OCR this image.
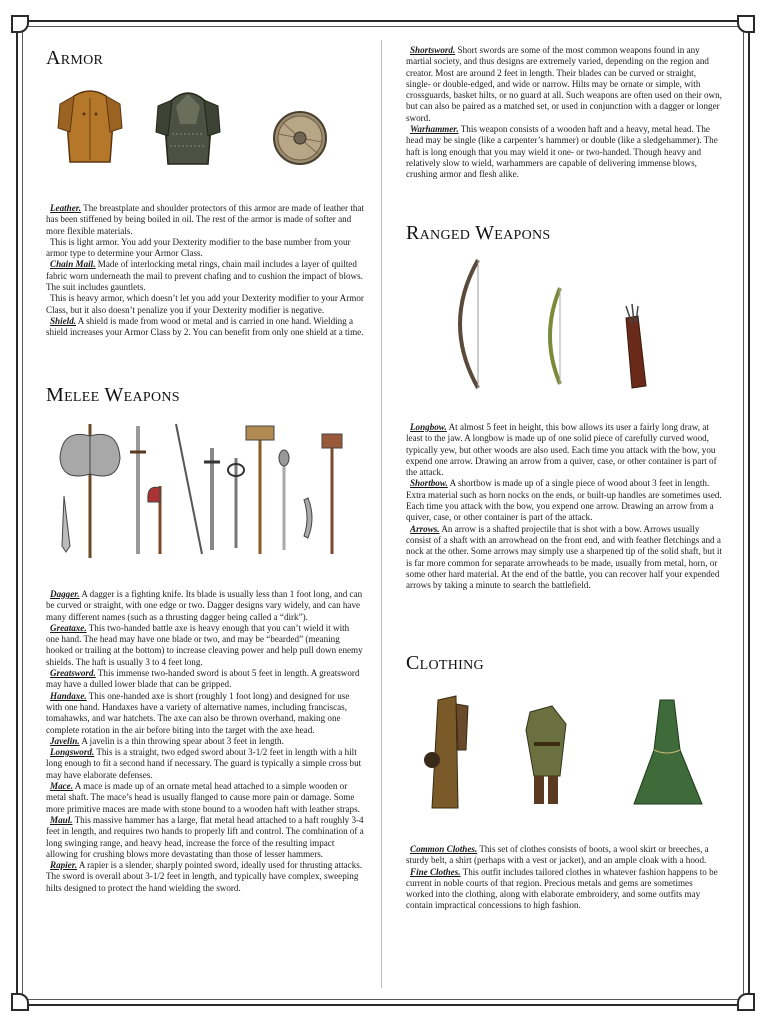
Armor

Leather. The breastplate and shoulder protectors of this armor are made of leather that has been stiffened by being boiled in oil. The rest of the armor is made of softer and more flexible materials.

This is light armor. You add your Dexterity modifier to the base number from your armor type to determine your Armor Class.

Chain Mail. Made of interlocking metal rings, chain mail includes a layer of quilted fabric worn underneath the mail to prevent chafing and to cushion the impact of blows. The suit includes gauntlets.

This is heavy armor, which doesn’t let you add your Dexterity modifier to your Armor Class, but it also doesn’t penalize you if your Dexterity modifier is negative.

Shield. A shield is made from wood or metal and is carried in one hand. Wielding a shield increases your Armor Class by 2. You can benefit from only one shield at a time.

Melee Weapons

Dagger. A dagger is a fighting knife. Its blade is usually less than 1 foot long, and can be curved or straight, with one edge or two. Dagger designs vary widely, and can have many different names (such as a thrusting dagger being called a “dirk”).

Greataxe. This two-handed battle axe is heavy enough that you can’t wield it with one hand. The head may have one blade or two, and may be “bearded” (meaning hooked or trailing at the bottom) to increase cleaving power and help pull down enemy shields. The haft is usually 3 to 4 feet long.

Greatsword. This immense two-handed sword is about 5 feet in length. A greatsword may have a dulled lower blade that can be gripped.

Handaxe. This one-handed axe is short (roughly 1 foot long) and designed for use with one hand. Handaxes have a variety of alternative names, including franciscas, tomahawks, and war hatchets. The axe can also be thrown overhand, making one complete rotation in the air before biting into the target with the axe head.

Javelin. A javelin is a thin throwing spear about 3 feet in length.

Longsword. This is a straight, two edged sword about 3-1/2 feet in length with a hilt long enough to fit a second hand if necessary. The guard is typically a simple cross but may have elaborate defenses.

Mace. A mace is made up of an ornate metal head attached to a simple wooden or metal shaft. The mace’s head is usually flanged to cause more pain or damage. Some more primitive maces are made with stone bound to a wooden haft with leather straps.

Maul. This massive hammer has a large, flat metal head attached to a haft roughly 3-4 feet in length, and requires two hands to properly lift and control. The combination of a long swinging range, and heavy head, increase the force of the resulting impact allowing for crushing blows more devastating than those of lesser hammers.

Rapier. A rapier is a slender, sharply pointed sword, ideally used for thrusting attacks. The sword is overall about 3-1/2 feet in length, and typically have complex, sweeping hilts designed to protect the hand wielding the sword.

Shortsword. Short swords are some of the most common weapons found in any martial society, and thus designs are extremely varied, depending on the region and creator. Most are around 2 feet in length. Their blades can be curved or straight, single- or double-edged, and wide or narrow. Hilts may be ornate or simple, with crossguards, basket hilts, or no guard at all. Such weapons are often used on their own, but can also be paired as a matched set, or used in conjunction with a dagger or longer sword.

Warhammer. This weapon consists of a wooden haft and a heavy, metal head. The head may be single (like a carpenter’s hammer) or double (like a sledgehammer). The haft is long enough that you may wield it one- or two-handed. Though heavy and relatively slow to wield, warhammers are capable of delivering immense blows, crushing armor and flesh alike.

Ranged Weapons

Longbow. At almost 5 feet in height, this bow allows its user a fairly long draw, at least to the jaw. A longbow is made up of one solid piece of carefully curved wood, typically yew, but other woods are also used. Each time you attack with the bow, you expend one arrow. Drawing an arrow from a quiver, case, or other container is part of the attack.

Shortbow. A shortbow is made up of a single piece of wood about 3 feet in length. Extra material such as horn nocks on the ends, or built-up handles are sometimes used. Each time you attack with the bow, you expend one arrow. Drawing an arrow from a quiver, case, or other container is part of the attack.

Arrows. An arrow is a shafted projectile that is shot with a bow. Arrows usually consist of a shaft with an arrowhead on the front end, and with feather fletchings and a nock at the other. Some arrows may simply use a sharpened tip of the solid shaft, but it is far more common for separate arrowheads to be made, usually from metal, horn, or some other hard material. At the end of the battle, you can recover half your expended arrows by taking a minute to search the battlefield.

Clothing

Common Clothes. This set of clothes consists of boots, a wool skirt or breeches, a sturdy belt, a shirt (perhaps with a vest or jacket), and an ample cloak with a hood.

Fine Clothes. This outfit includes tailored clothes in whatever fashion happens to be current in noble courts of that region. Precious metals and gems are sometimes worked into the clothing, along with elaborate embroidery, and some outfits may contain impractical concessions to high fashion.
